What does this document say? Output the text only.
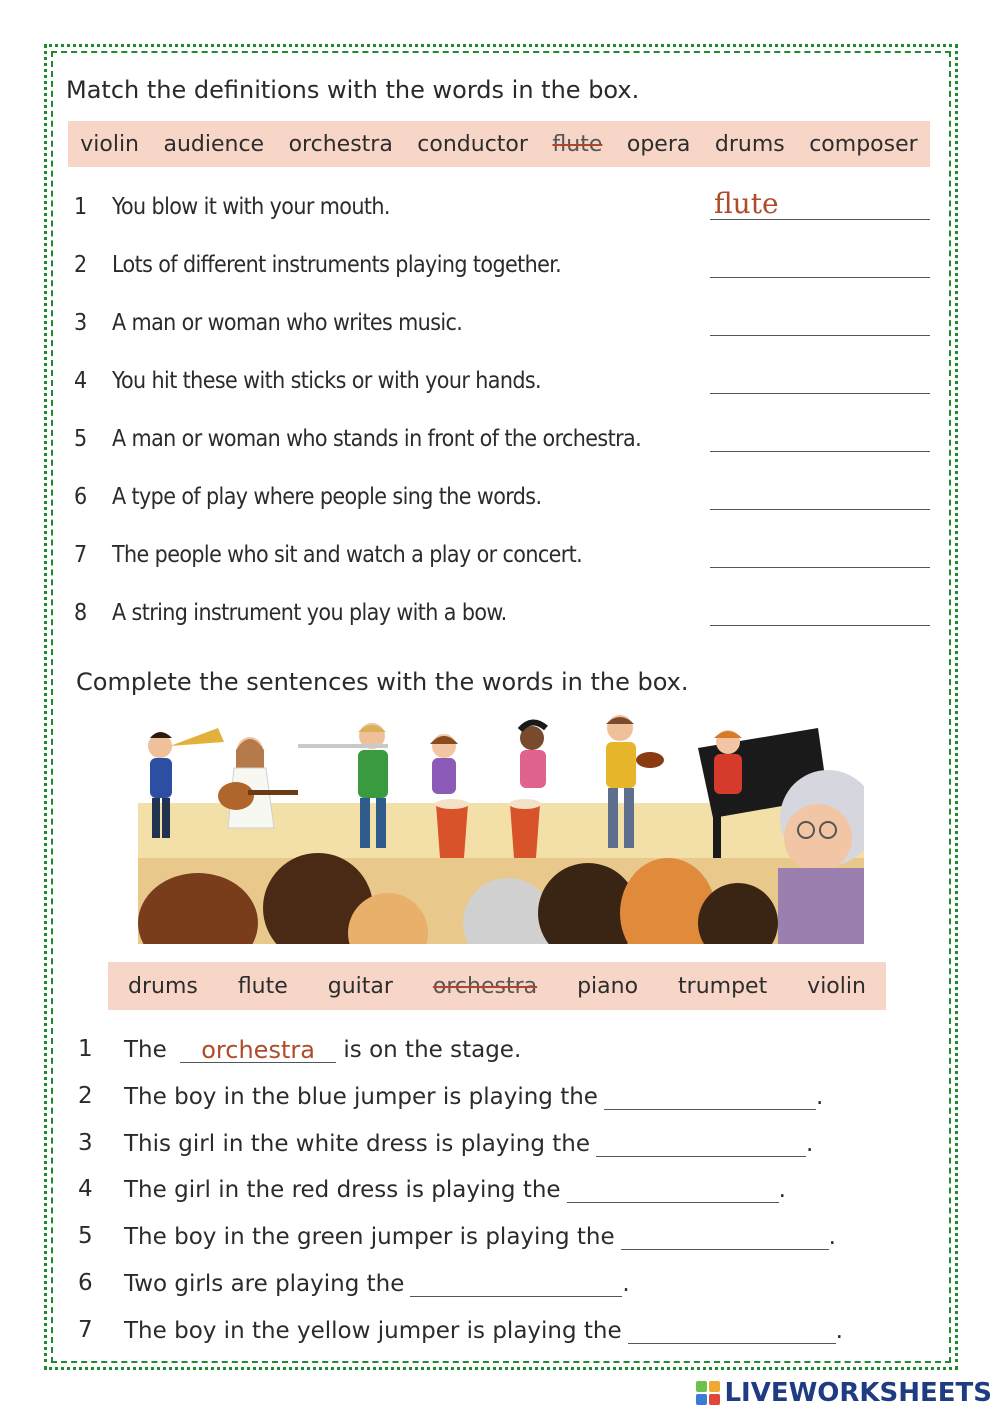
Match the definitions with the words in the box.
violin audience orchestra conductor flute opera drums composer
1	You blow it with your mouth.	flute
2	Lots of different instruments playing together.
3	A man or woman who writes music.
4	You hit these with sticks or with your hands.
5	A man or woman who stands in front of the orchestra.
6	A type of play where people sing the words.
7	The people who sit and watch a play or concert.
8	A string instrument you play with a bow.
Complete the sentences with the words in the box.
drums flute guitar orchestra piano trumpet violin
1	The orchestra is on the stage.
2	The boy in the blue jumper is playing the	.
3	This girl in the white dress is playing the	.
4	The girl in the red dress is playing the	.
5	The boy in the green jumper is playing the	.
6	Two girls are playing the	.
7	The boy in the yellow jumper is playing the	.
LIVEWORKSHEETS
